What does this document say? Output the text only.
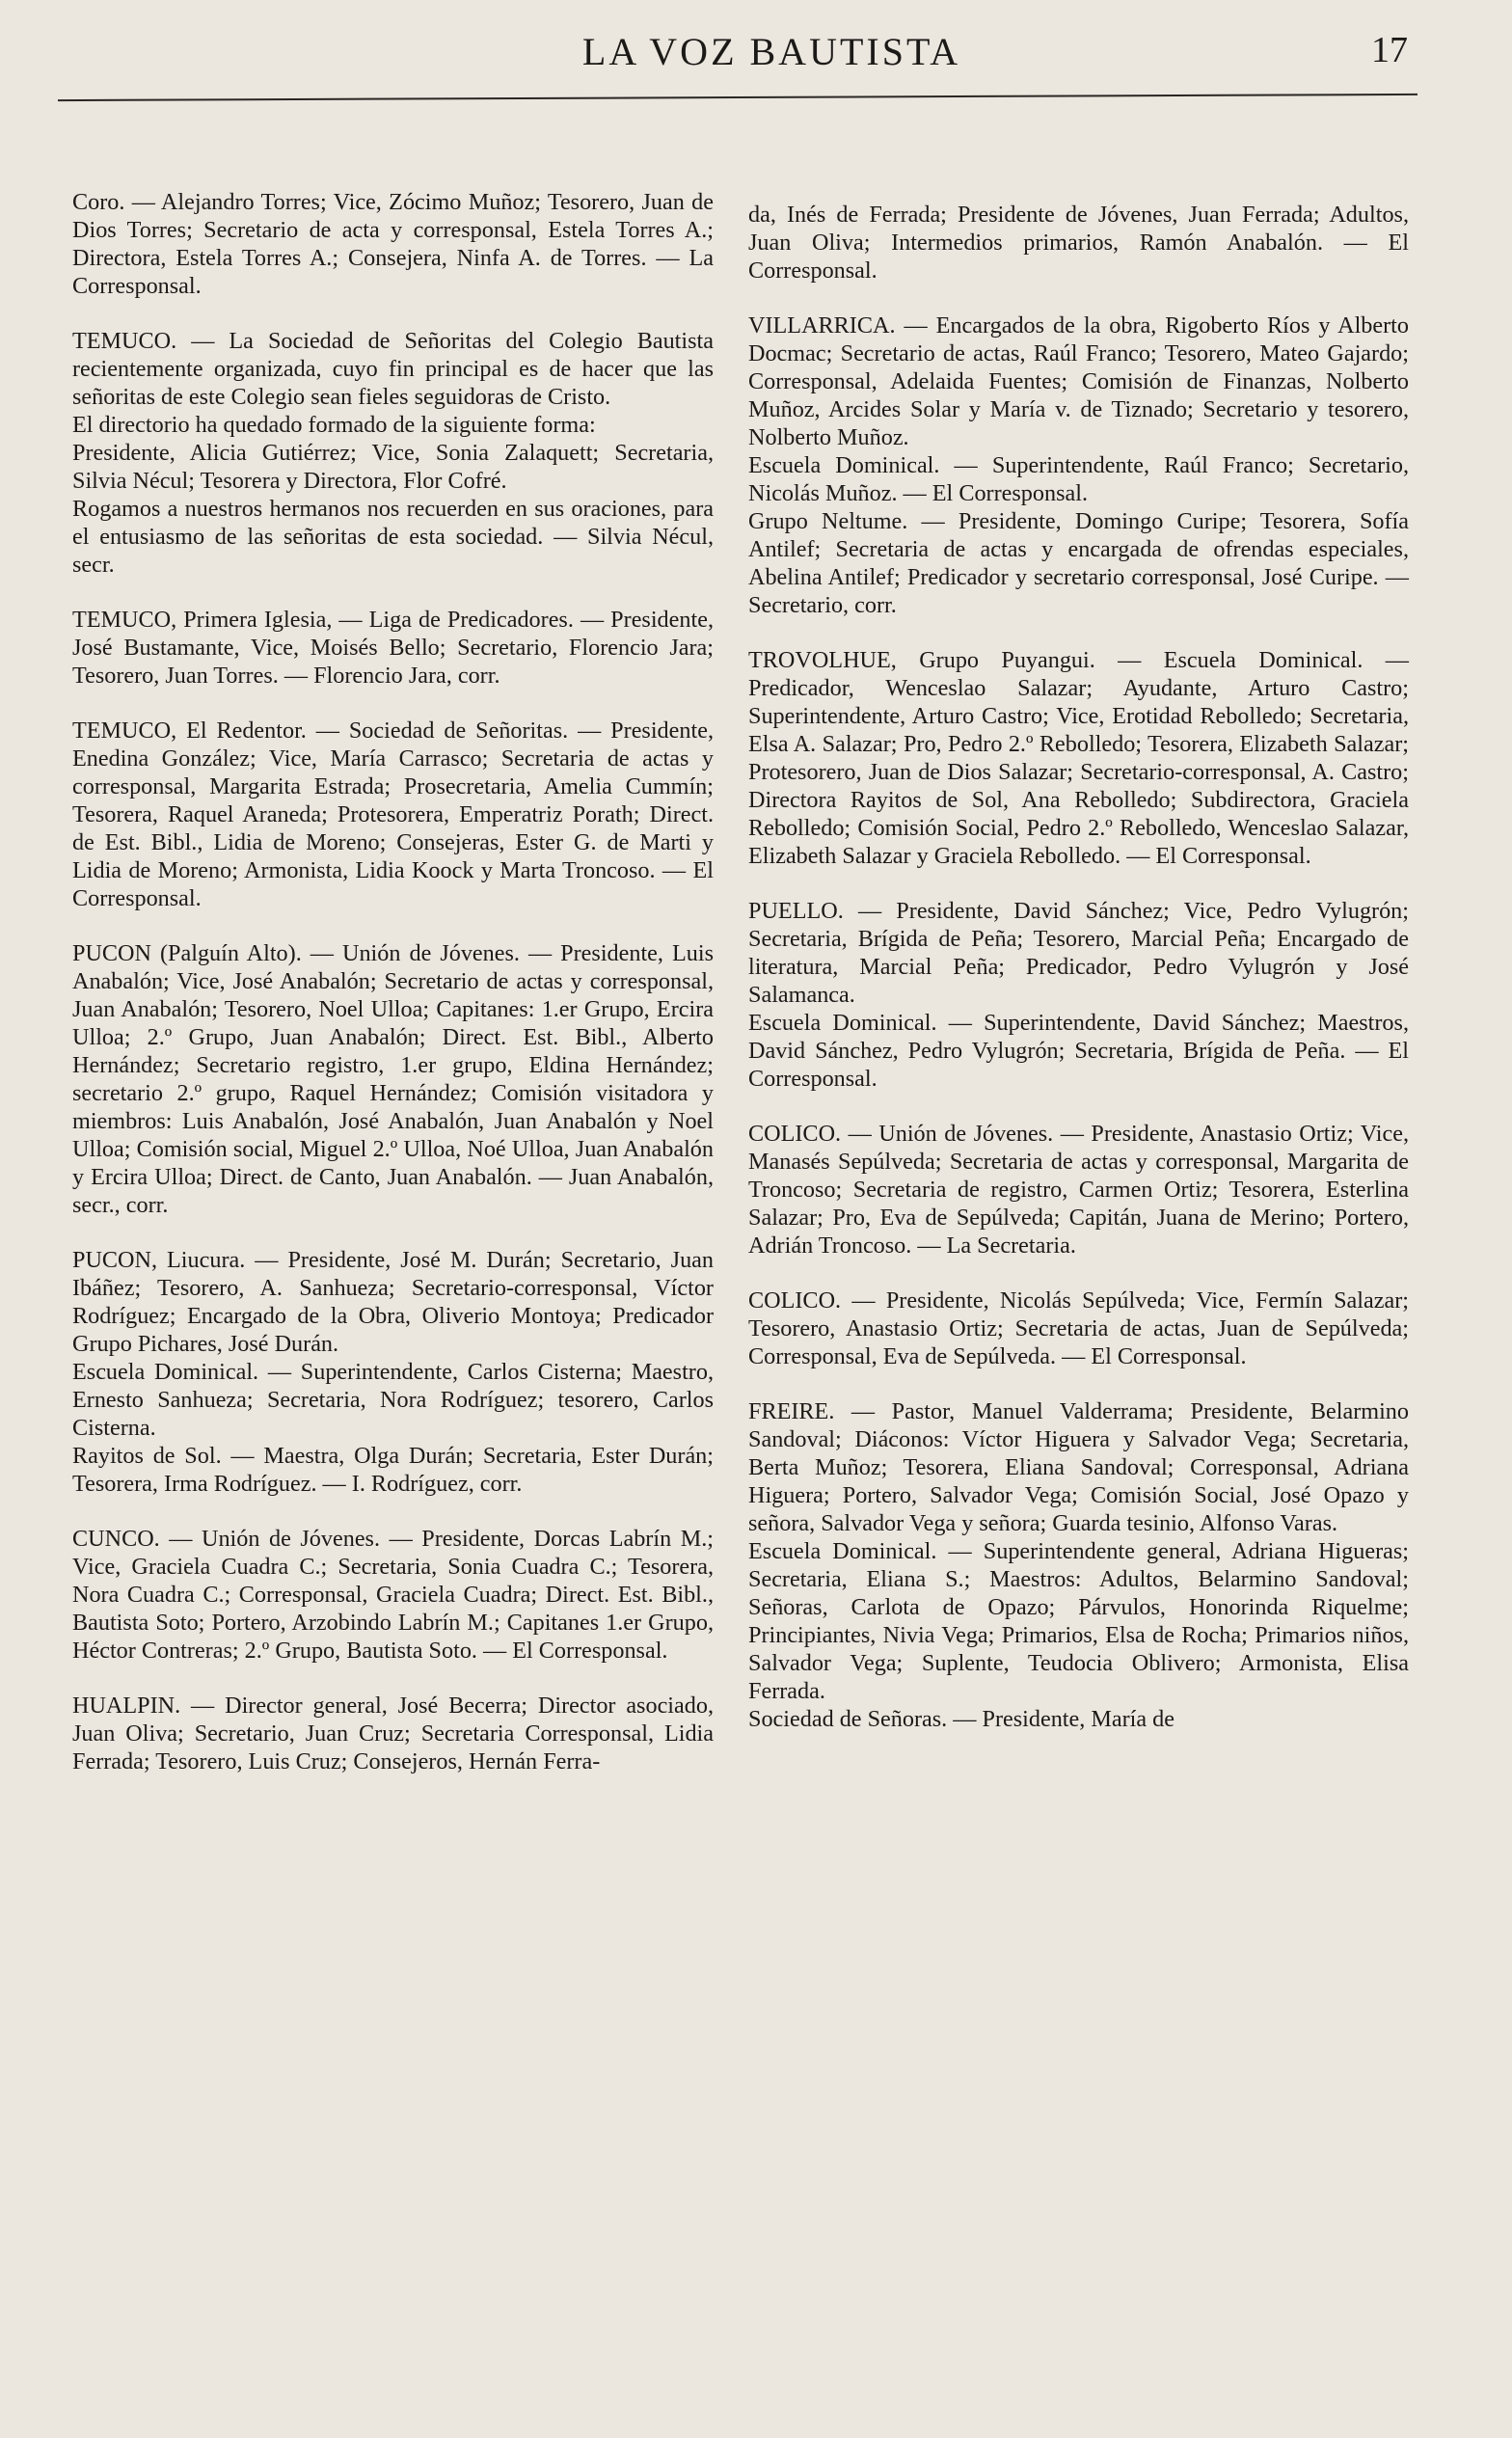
LA VOZ BAUTISTA	17

Coro. — Alejandro Torres; Vice, Zócimo Muñoz; Tesorero, Juan de Dios Torres; Secretario de acta y corresponsal, Estela Torres A.; Directora, Estela Torres A.; Consejera, Ninfa A. de Torres. — La Corresponsal.

TEMUCO. — La Sociedad de Señoritas del Colegio Bautista recientemente organizada, cuyo fin principal es de hacer que las señoritas de este Colegio sean fieles seguidoras de Cristo.

El directorio ha quedado formado de la siguiente forma:

Presidente, Alicia Gutiérrez; Vice, Sonia Zalaquett; Secretaria, Silvia Nécul; Tesorera y Directora, Flor Cofré.

Rogamos a nuestros hermanos nos recuerden en sus oraciones, para el entusiasmo de las señoritas de esta sociedad. — Silvia Nécul, secr.

TEMUCO, Primera Iglesia, — Liga de Predicadores. — Presidente, José Bustamante, Vice, Moisés Bello; Secretario, Florencio Jara; Tesorero, Juan Torres. — Florencio Jara, corr.

TEMUCO, El Redentor. — Sociedad de Señoritas. — Presidente, Enedina González; Vice, María Carrasco; Secretaria de actas y corresponsal, Margarita Estrada; Prosecretaria, Amelia Cummín; Tesorera, Raquel Araneda; Protesorera, Emperatriz Porath; Direct. de Est. Bibl., Lidia de Moreno; Consejeras, Ester G. de Marti y Lidia de Moreno; Armonista, Lidia Koock y Marta Troncoso. — El Corresponsal.

PUCON (Palguín Alto). — Unión de Jóvenes. — Presidente, Luis Anabalón; Vice, José Anabalón; Secretario de actas y corresponsal, Juan Anabalón; Tesorero, Noel Ulloa; Capitanes: 1.er Grupo, Ercira Ulloa; 2.º Grupo, Juan Anabalón; Direct. Est. Bibl., Alberto Hernández; Secretario registro, 1.er grupo, Eldina Hernández; secretario 2.º grupo, Raquel Hernández; Comisión visitadora y miembros: Luis Anabalón, José Anabalón, Juan Anabalón y Noel Ulloa; Comisión social, Miguel 2.º Ulloa, Noé Ulloa, Juan Anabalón y Ercira Ulloa; Direct. de Canto, Juan Anabalón. — Juan Anabalón, secr., corr.

PUCON, Liucura. — Presidente, José M. Durán; Secretario, Juan Ibáñez; Tesorero, A. Sanhueza; Secretario-corresponsal, Víctor Rodríguez; Encargado de la Obra, Oliverio Montoya; Predicador Grupo Pichares, José Durán.

Escuela Dominical. — Superintendente, Carlos Cisterna; Maestro, Ernesto Sanhueza; Secretaria, Nora Rodríguez; tesorero, Carlos Cisterna.

Rayitos de Sol. — Maestra, Olga Durán; Secretaria, Ester Durán; Tesorera, Irma Rodríguez. — I. Rodríguez, corr.

CUNCO. — Unión de Jóvenes. — Presidente, Dorcas Labrín M.; Vice, Graciela Cuadra C.; Secretaria, Sonia Cuadra C.; Tesorera, Nora Cuadra C.; Corresponsal, Graciela Cuadra; Direct. Est. Bibl., Bautista Soto; Portero, Arzobindo Labrín M.; Capitanes 1.er Grupo, Héctor Contreras; 2.º Grupo, Bautista Soto. — El Corresponsal.

HUALPIN. — Director general, José Becerra; Director asociado, Juan Oliva; Secretario, Juan Cruz; Secretaria Corresponsal, Lidia Ferrada; Tesorero, Luis Cruz; Consejeros, Hernán Ferra-

da, Inés de Ferrada; Presidente de Jóvenes, Juan Ferrada; Adultos, Juan Oliva; Intermedios primarios, Ramón Anabalón. — El Corresponsal.

VILLARRICA. — Encargados de la obra, Rigoberto Ríos y Alberto Docmac; Secretario de actas, Raúl Franco; Tesorero, Mateo Gajardo; Corresponsal, Adelaida Fuentes; Comisión de Finanzas, Nolberto Muñoz, Arcides Solar y María v. de Tiznado; Secretario y tesorero, Nolberto Muñoz.

Escuela Dominical. — Superintendente, Raúl Franco; Secretario, Nicolás Muñoz. — El Corresponsal.

Grupo Neltume. — Presidente, Domingo Curipe; Tesorera, Sofía Antilef; Secretaria de actas y encargada de ofrendas especiales, Abelina Antilef; Predicador y secretario corresponsal, José Curipe. — Secretario, corr.

TROVOLHUE, Grupo Puyangui. — Escuela Dominical. — Predicador, Wenceslao Salazar; Ayudante, Arturo Castro; Superintendente, Arturo Castro; Vice, Erotidad Rebolledo; Secretaria, Elsa A. Salazar; Pro, Pedro 2.º Rebolledo; Tesorera, Elizabeth Salazar; Protesorero, Juan de Dios Salazar; Secretario-corresponsal, A. Castro; Directora Rayitos de Sol, Ana Rebolledo; Subdirectora, Graciela Rebolledo; Comisión Social, Pedro 2.º Rebolledo, Wenceslao Salazar, Elizabeth Salazar y Graciela Rebolledo. — El Corresponsal.

PUELLO. — Presidente, David Sánchez; Vice, Pedro Vylugrón; Secretaria, Brígida de Peña; Tesorero, Marcial Peña; Encargado de literatura, Marcial Peña; Predicador, Pedro Vylugrón y José Salamanca.

Escuela Dominical. — Superintendente, David Sánchez; Maestros, David Sánchez, Pedro Vylugrón; Secretaria, Brígida de Peña. — El Corresponsal.

COLICO. — Unión de Jóvenes. — Presidente, Anastasio Ortiz; Vice, Manasés Sepúlveda; Secretaria de actas y corresponsal, Margarita de Troncoso; Secretaria de registro, Carmen Ortiz; Tesorera, Esterlina Salazar; Pro, Eva de Sepúlveda; Capitán, Juana de Merino; Portero, Adrián Troncoso. — La Secretaria.

COLICO. — Presidente, Nicolás Sepúlveda; Vice, Fermín Salazar; Tesorero, Anastasio Ortiz; Secretaria de actas, Juan de Sepúlveda; Corresponsal, Eva de Sepúlveda. — El Corresponsal.

FREIRE. — Pastor, Manuel Valderrama; Presidente, Belarmino Sandoval; Diáconos: Víctor Higuera y Salvador Vega; Secretaria, Berta Muñoz; Tesorera, Eliana Sandoval; Corresponsal, Adriana Higuera; Portero, Salvador Vega; Comisión Social, José Opazo y señora, Salvador Vega y señora; Guarda tesinio, Alfonso Varas.

Escuela Dominical. — Superintendente general, Adriana Higueras; Secretaria, Eliana S.; Maestros: Adultos, Belarmino Sandoval; Señoras, Carlota de Opazo; Párvulos, Honorinda Riquelme; Principiantes, Nivia Vega; Primarios, Elsa de Rocha; Primarios niños, Salvador Vega; Suplente, Teudocia Oblivero; Armonista, Elisa Ferrada.

Sociedad de Señoras. — Presidente, María de
